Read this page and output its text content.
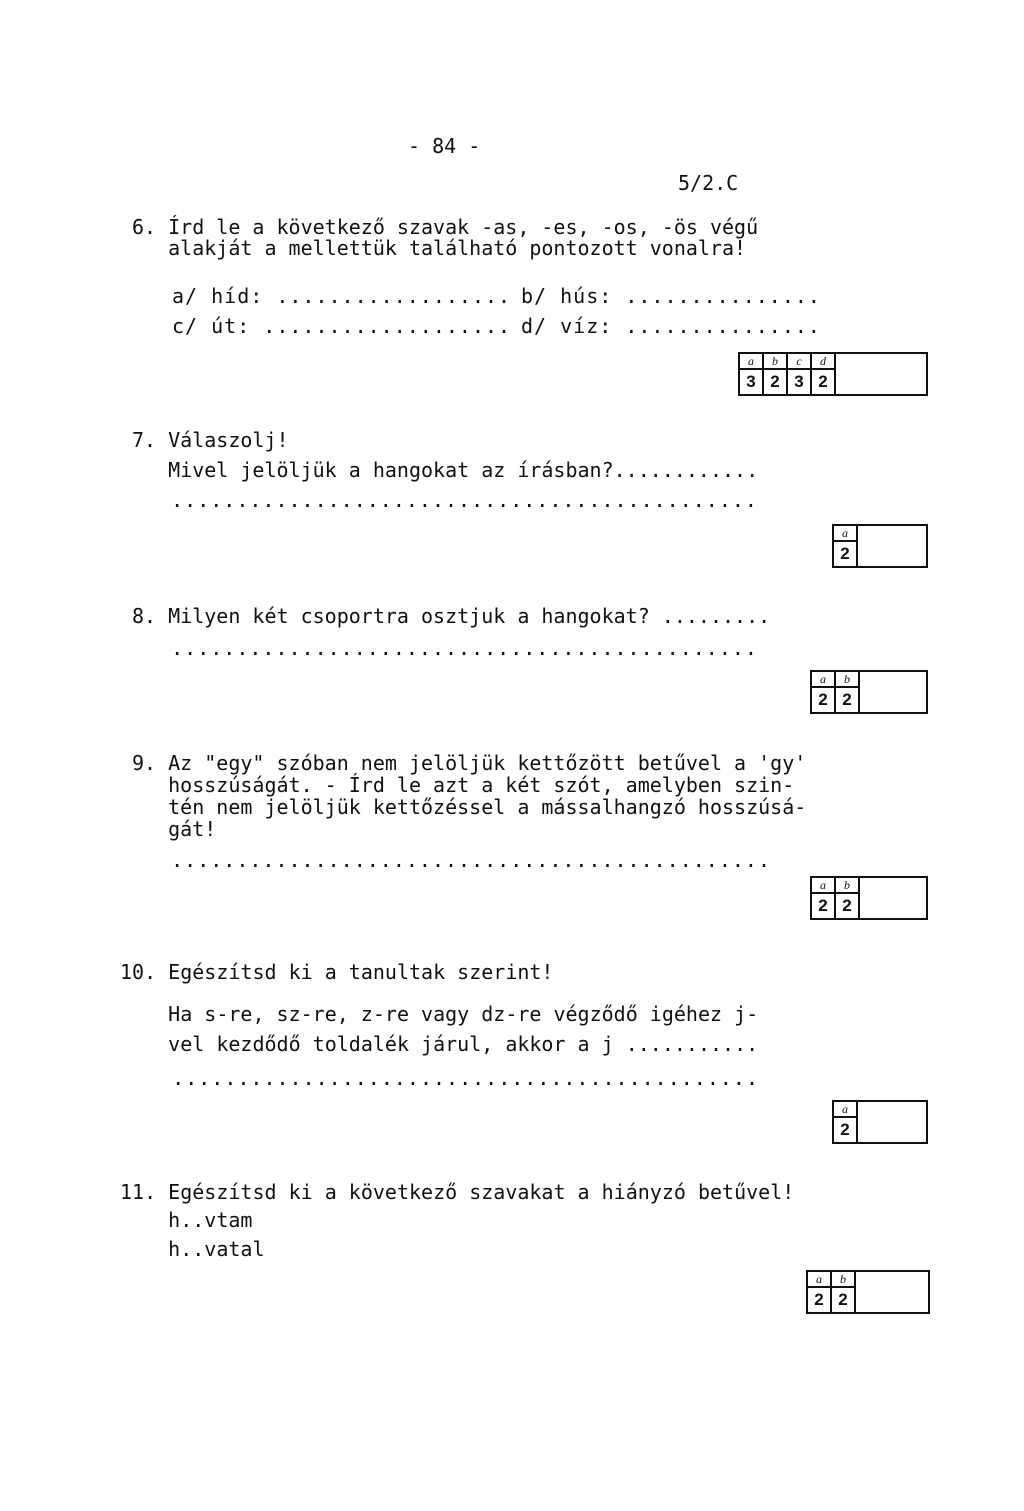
- 84 -
5/2.C
6. Írd le a következő szavak -as, -es, -os, -ös végű
alakját a mellettük található pontozott vonalra!
a/ híd: .................. b/ hús: ...............
c/ út: ................... d/ víz: ...............
a
3
b
2
c
3
d
2
7. Válaszolj!
Mivel jelöljük a hangokat az írásban?............
.............................................
a
2
8. Milyen két csoportra osztjuk a hangokat? .........
.............................................
a
2
b
2
9. Az "egy" szóban nem jelöljük kettőzött betűvel a 'gy'
hosszúságát. - Írd le azt a két szót, amelyben szin-
tén nem jelöljük kettőzéssel a mássalhangzó hosszúsá-
gát!
..............................................
a
2
b
2
10. Egészítsd ki a tanultak szerint!
Ha s-re, sz-re, z-re vagy dz-re végződő igéhez j-
vel kezdődő toldalék járul, akkor a j ...........
.............................................
a
2
11. Egészítsd ki a következő szavakat a hiányzó betűvel!
h..vtam
h..vatal
a
2
b
2
